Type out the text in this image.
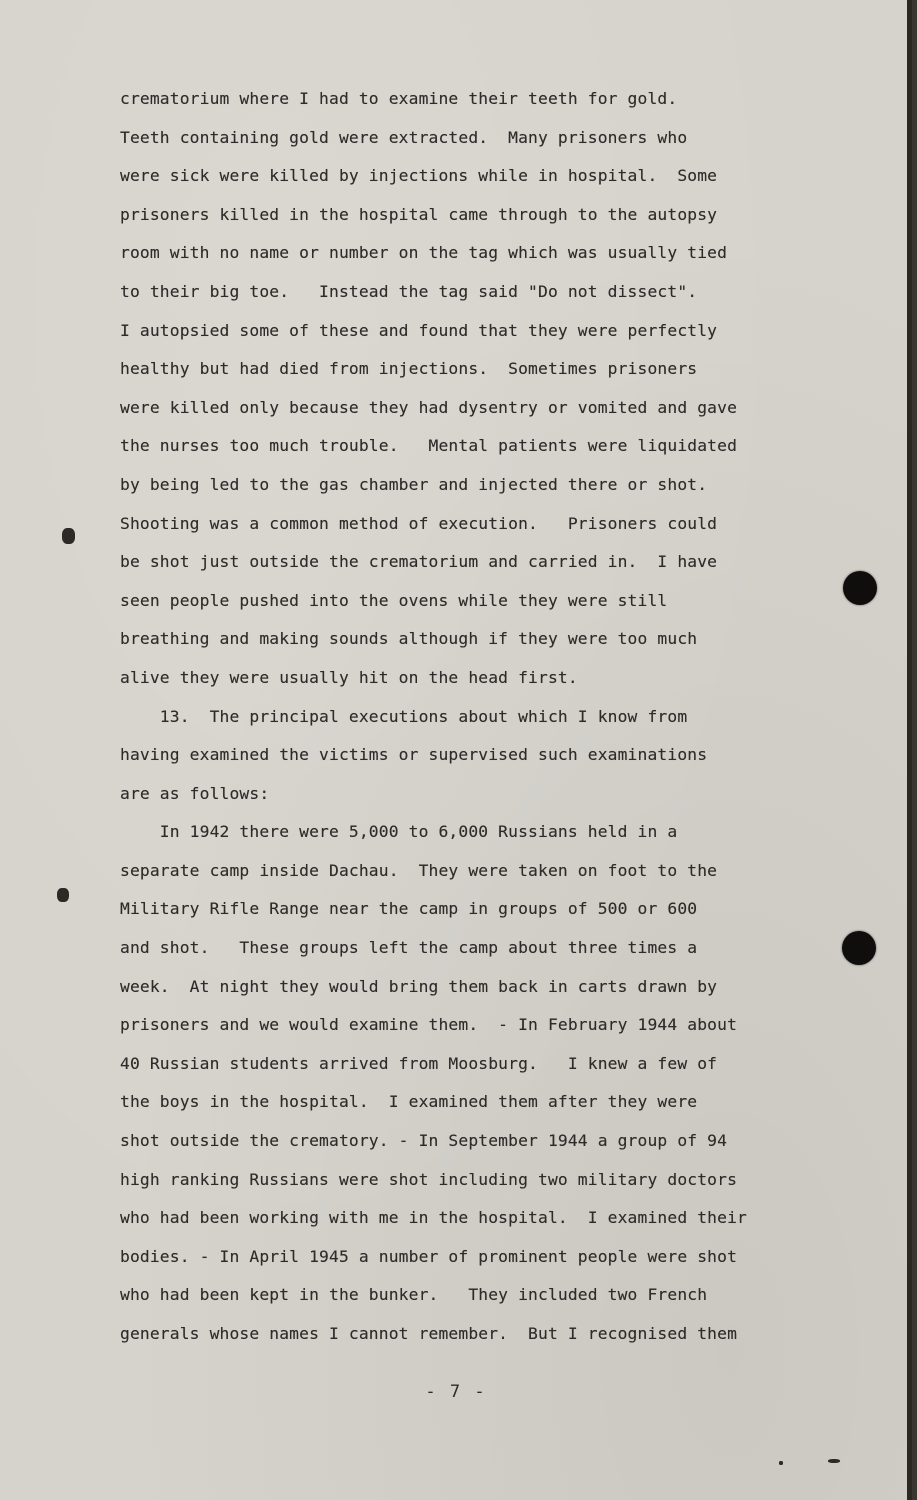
crematorium where I had to examine their teeth for gold.
Teeth containing gold were extracted.  Many prisoners who
were sick were killed by injections while in hospital.  Some
prisoners killed in the hospital came through to the autopsy
room with no name or number on the tag which was usually tied
to their big toe.   Instead the tag said "Do not dissect".
I autopsied some of these and found that they were perfectly
healthy but had died from injections.  Sometimes prisoners
were killed only because they had dysentry or vomited and gave
the nurses too much trouble.   Mental patients were liquidated
by being led to the gas chamber and injected there or shot.
Shooting was a common method of execution.   Prisoners could
be shot just outside the crematorium and carried in.  I have
seen people pushed into the ovens while they were still
breathing and making sounds although if they were too much
alive they were usually hit on the head first.
13.  The principal executions about which I know from
having examined the victims or supervised such examinations
are as follows:
In 1942 there were 5,000 to 6,000 Russians held in a
separate camp inside Dachau.  They were taken on foot to the
Military Rifle Range near the camp in groups of 500 or 600
and shot.   These groups left the camp about three times a
week.  At night they would bring them back in carts drawn by
prisoners and we would examine them.  - In February 1944 about
40 Russian students arrived from Moosburg.   I knew a few of
the boys in the hospital.  I examined them after they were
shot outside the crematory. - In September 1944 a group of 94
high ranking Russians were shot including two military doctors
who had been working with me in the hospital.  I examined their
bodies. - In April 1945 a number of prominent people were shot
who had been kept in the bunker.   They included two French
generals whose names I cannot remember.  But I recognised them
- 7 -
